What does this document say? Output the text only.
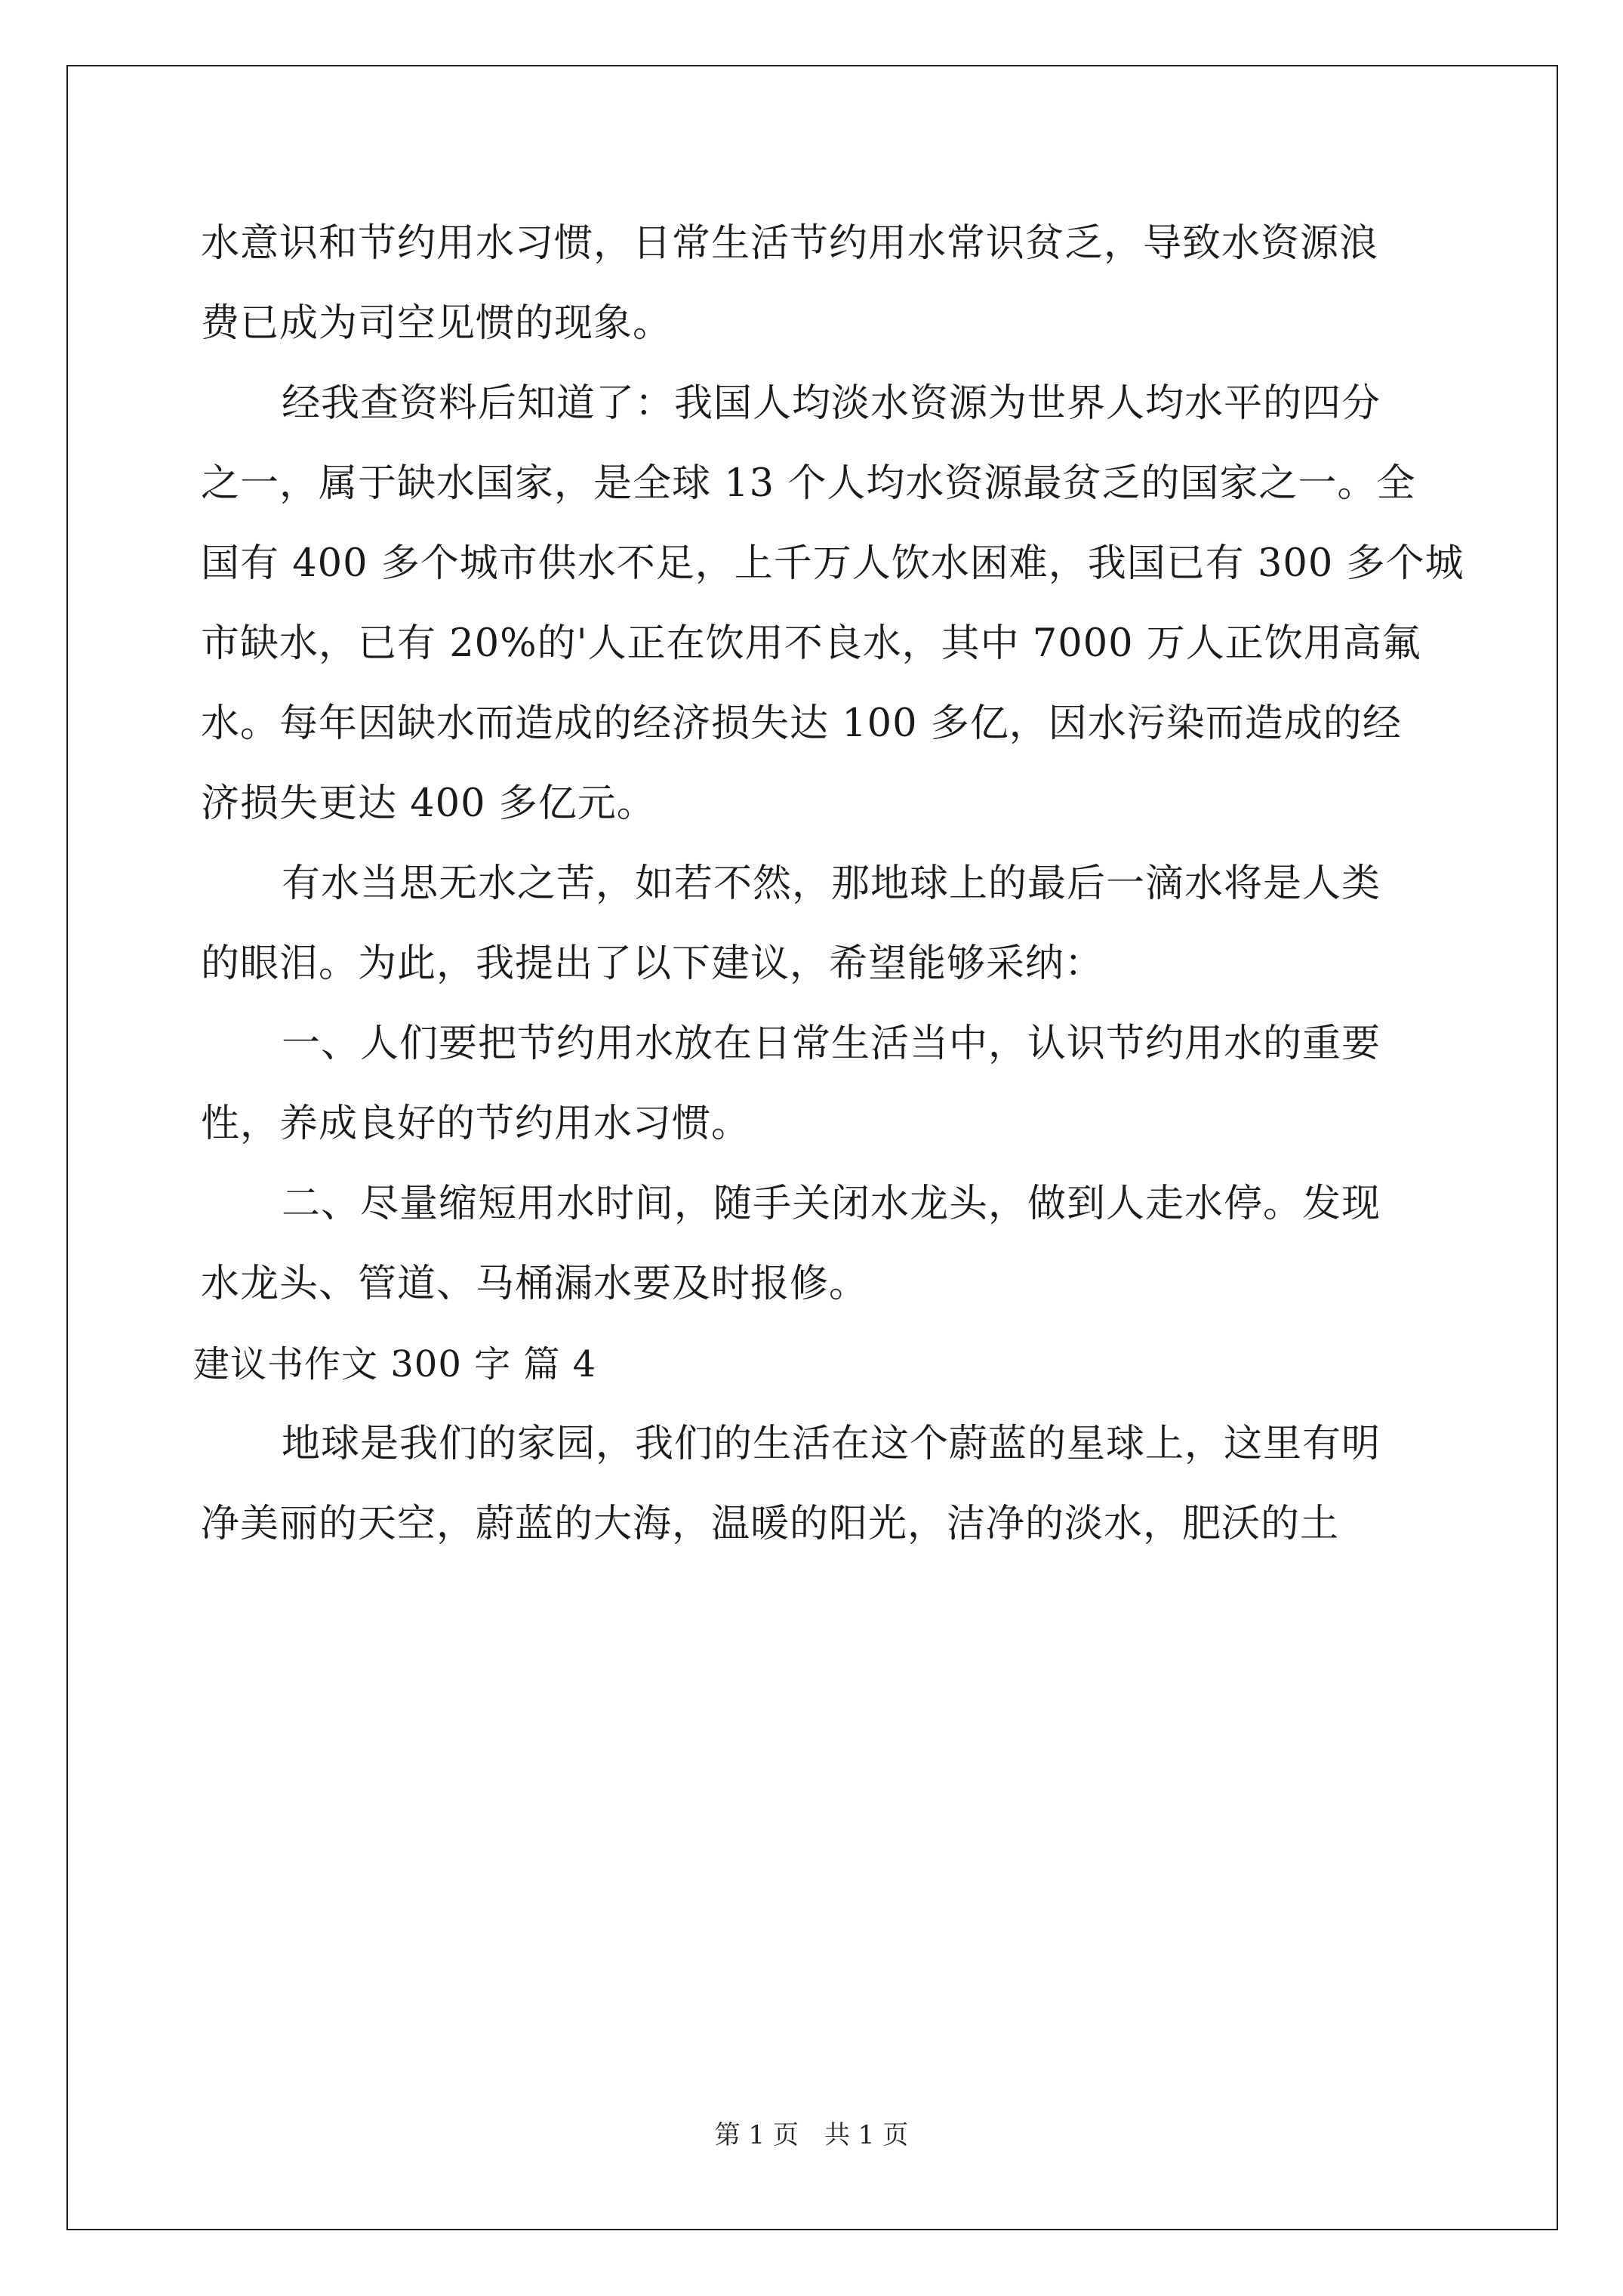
水意识和节约用水习惯，日常生活节约用水常识贫乏，导致水资源浪
费已成为司空见惯的现象。
经我查资料后知道了：我国人均淡水资源为世界人均水平的四分
之一，属于缺水国家，是全球 13 个人均水资源最贫乏的国家之一。全
国有 400 多个城市供水不足，上千万人饮水困难，我国已有 300 多个城
市缺水，已有 20%的'人正在饮用不良水，其中 7000 万人正饮用高氟
水。每年因缺水而造成的经济损失达 100 多亿，因水污染而造成的经
济损失更达 400 多亿元。
有水当思无水之苦，如若不然，那地球上的最后一滴水将是人类
的眼泪。为此，我提出了以下建议，希望能够采纳：
一、人们要把节约用水放在日常生活当中，认识节约用水的重要
性，养成良好的节约用水习惯。
二、尽量缩短用水时间，随手关闭水龙头，做到人走水停。发现
水龙头、管道、马桶漏水要及时报修。
建议书作文 300 字 篇 4
地球是我们的家园，我们的生活在这个蔚蓝的星球上，这里有明
净美丽的天空，蔚蓝的大海，温暖的阳光，洁净的淡水，肥沃的土
第 1 页 共 1 页
